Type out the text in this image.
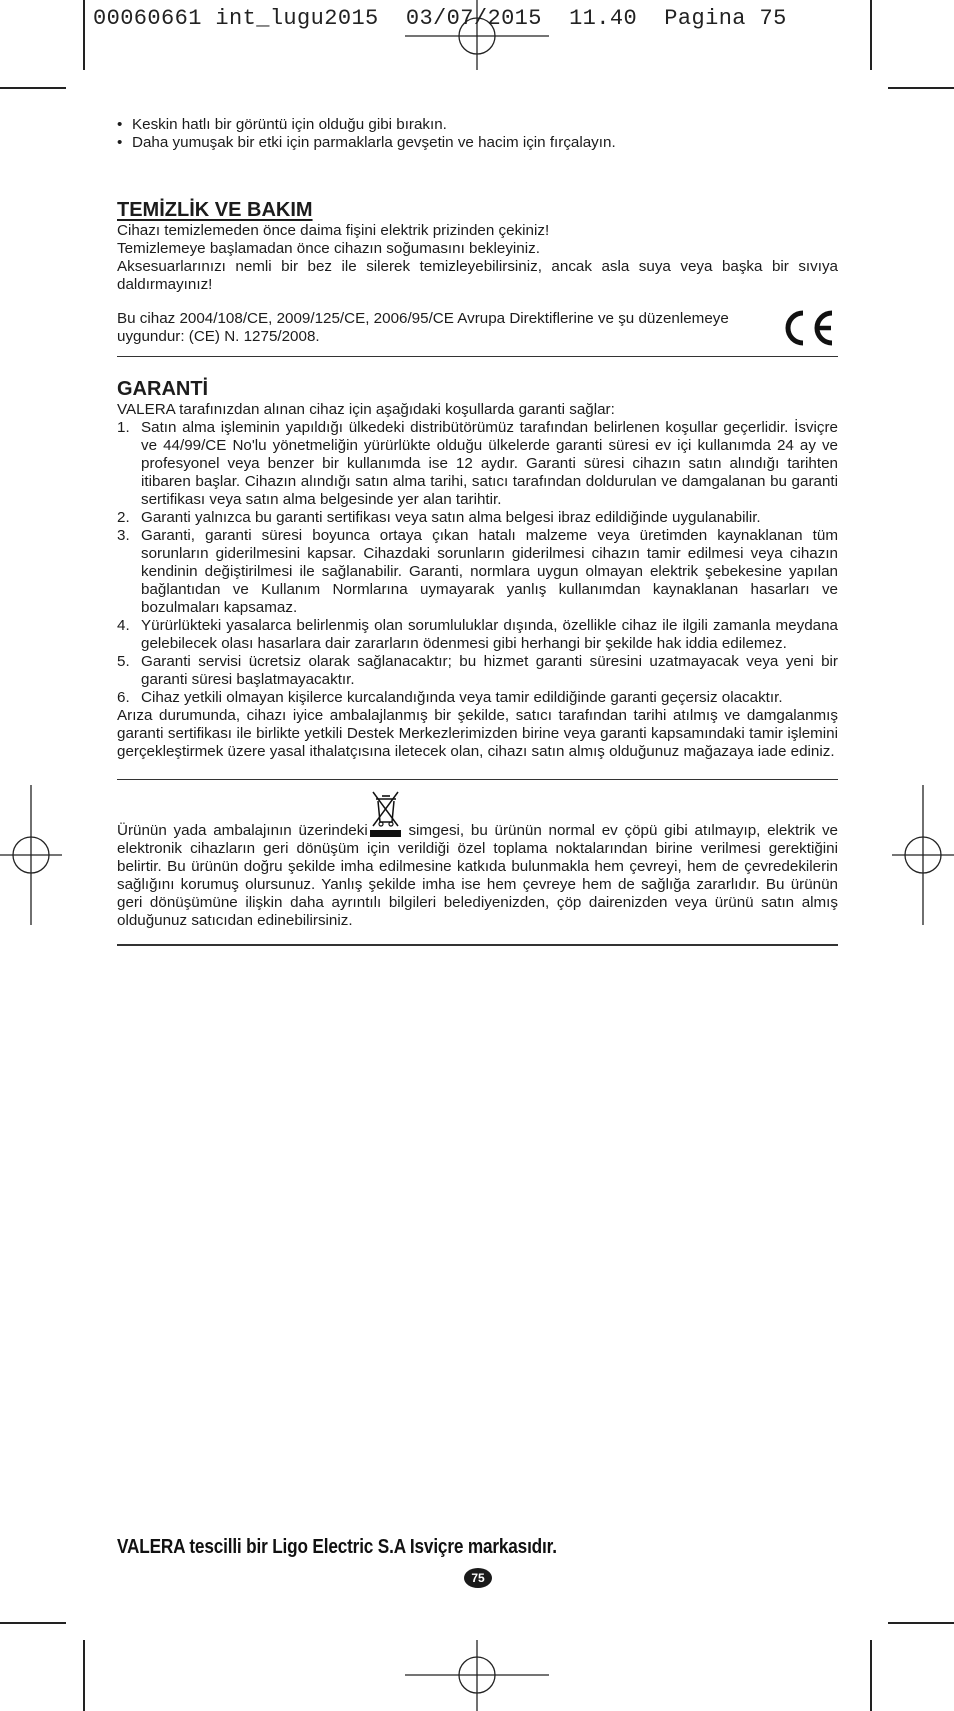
00060661 int_lugu2015  03/07/2015  11.40  Pagina 75
• Keskin hatlı bir görüntü için olduğu gibi bırakın.
• Daha yumuşak bir etki için parmaklarla gevşetin ve hacim için fırçalayın.
TEMİZLİK VE BAKIM

Cihazı temizlemeden önce daima fişini elektrik prizinden çekiniz!

Temizlemeye başlamadan önce cihazın soğumasını bekleyiniz.

Aksesuarlarınızı nemli bir bez ile silerek temizleyebilirsiniz, ancak asla suya veya başka bir sıvıya daldırmayınız!

Bu cihaz 2004/108/CE, 2009/125/CE, 2006/95/CE Avrupa Direktiflerine ve şu düzenlemeye uygundur: (CE) N. 1275/2008.

GARANTİ

VALERA tarafınızdan alınan cihaz için aşağıdaki koşullarda garanti sağlar:

1. Satın alma işleminin yapıldığı ülkedeki distribütörümüz tarafından belirlenen koşullar geçerlidir. İsviçre ve 44/99/CE No'lu yönetmeliğin yürürlükte olduğu ülkelerde garanti süresi ev içi kullanımda 24 ay ve profesyonel veya benzer bir kullanımda ise 12 aydır. Garanti süresi cihazın satın alındığı tarihten itibaren başlar. Cihazın alındığı satın alma tarihi, satıcı tarafından doldurulan ve damgalanan bu garanti sertifikası veya satın alma belgesinde yer alan tarihtir.
2. Garanti yalnızca bu garanti sertifikası veya satın alma belgesi ibraz edildiğinde uygulanabilir.
3. Garanti, garanti süresi boyunca ortaya çıkan hatalı malzeme veya üretimden kaynaklanan tüm sorunların giderilmesini kapsar. Cihazdaki sorunların giderilmesi cihazın tamir edilmesi veya cihazın kendinin değiştirilmesi ile sağlanabilir. Garanti, normlara uygun olmayan elektrik şebekesine yapılan bağlantıdan ve Kullanım Normlarına uymayarak yanlış kullanımdan kaynaklanan hasarları ve bozulmaları kapsamaz.
4. Yürürlükteki yasalarca belirlenmiş olan sorumluluklar dışında, özellikle cihaz ile ilgili zamanla meydana gelebilecek olası hasarlara dair zararların ödenmesi gibi herhangi bir şekilde hak iddia edilemez.
5. Garanti servisi ücretsiz olarak sağlanacaktır; bu hizmet garanti süresini uzatmayacak veya yeni bir garanti süresi başlatmayacaktır.
6. Cihaz yetkili olmayan kişilerce kurcalandığında veya tamir edildiğinde garanti geçersiz olacaktır.

Arıza durumunda, cihazı iyice ambalajlanmış bir şekilde, satıcı tarafından tarihi atılmış ve damgalanmış garanti sertifikası ile birlikte yetkili Destek Merkezlerimizden birine veya garanti kapsamındaki tamir işlemini gerçekleştirmek üzere yasal ithalatçısına iletecek olan, cihazı satın almış olduğunuz mağazaya iade ediniz.

Ürünün yada ambalajının üzerindeki
simgesi, bu ürünün normal ev çöpü gibi atılmayıp, elektrik ve elektronik cihazların geri dönüşüm için verildiği özel toplama noktalarından birine verilmesi gerektiğini belirtir. Bu ürünün doğru şekilde imha edilmesine katkıda bulunmakla hem çevreyi, hem de çevredekilerin sağlığını korumuş olursunuz. Yanlış şekilde imha ise hem çevreye hem de sağlığa zararlıdır. Bu ürünün geri dönüşümüne ilişkin daha ayrıntılı bilgileri belediyenizden, çöp dairenizden veya ürünü satın almış olduğunuz satıcıdan edinebilirsiniz.

VALERA tescilli bir Ligo Electric S.A Isviçre markasıdır.
75
